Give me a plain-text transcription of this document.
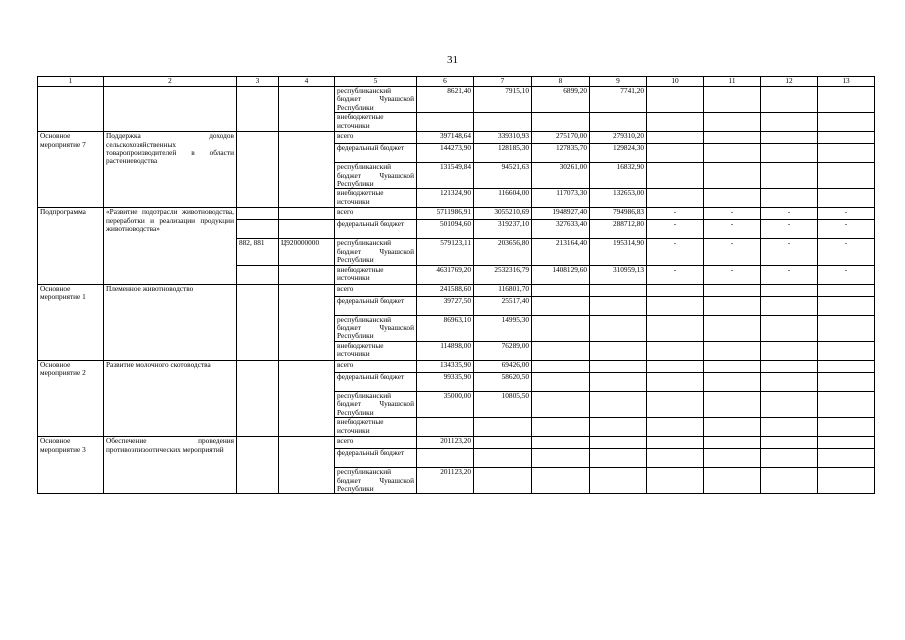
31
1	2	3	4	5	6	7	8	9	10	11	12	13
				республиканский бюджет Чувашской Республики	8621,40	7915,10	6899,20	7741,20				
				внебюджетные источники								
Основное мероприятие 7	Поддержка доходов сельскохозяйственных товаропроизводителей в области растениеводства			всего	397148,64	339310,93	275170,00	279310,20				
				федеральный бюджет	144273,90	128185,30	127835,70	129824,30				
				республиканский бюджет Чувашской Республики	131549,84	94521,63	30261,00	16832,90				
				внебюджетные источники	121324,90	116604,00	117073,30	132653,00				
Подпрограмма	«Развитие подотрасли животноводства, переработки и реализации продукции животноводства»			всего	5711986,91	3055210,69	1948927,40	794986,83	-	-	-	-
				федеральный бюджет	501094,60	319237,10	327633,40	288712,80	-	-	-	-
		882, 881	Ц920000000	республиканский бюджет Чувашской Республики	579123,11	203656,80	213164,40	195314,90	-	-	-	-
				внебюджетные источники	4631769,20	2532316,79	1408129,60	310959,13	-	-	-	-
Основное мероприятие 1	Племенное животноводство			всего	241588,60	116801,70						
				федеральный бюджет	39727,50	25517,40						
				республиканский бюджет Чувашской Республики	86963,10	14995,30						
				внебюджетные источники	114898,00	76289,00						
Основное мероприятие 2	Развитие молочного скотоводства			всего	134335,90	69426,00						
				федеральный бюджет	99335,90	58620,50						
				республиканский бюджет Чувашской Республики	35000,00	10805,50						
				внебюджетные источники								
Основное мероприятие 3	Обеспечение проведения противоэпизоотических мероприятий			всего	201123,20							
				федеральный бюджет								
				республиканский бюджет Чувашской Республики	201123,20							
